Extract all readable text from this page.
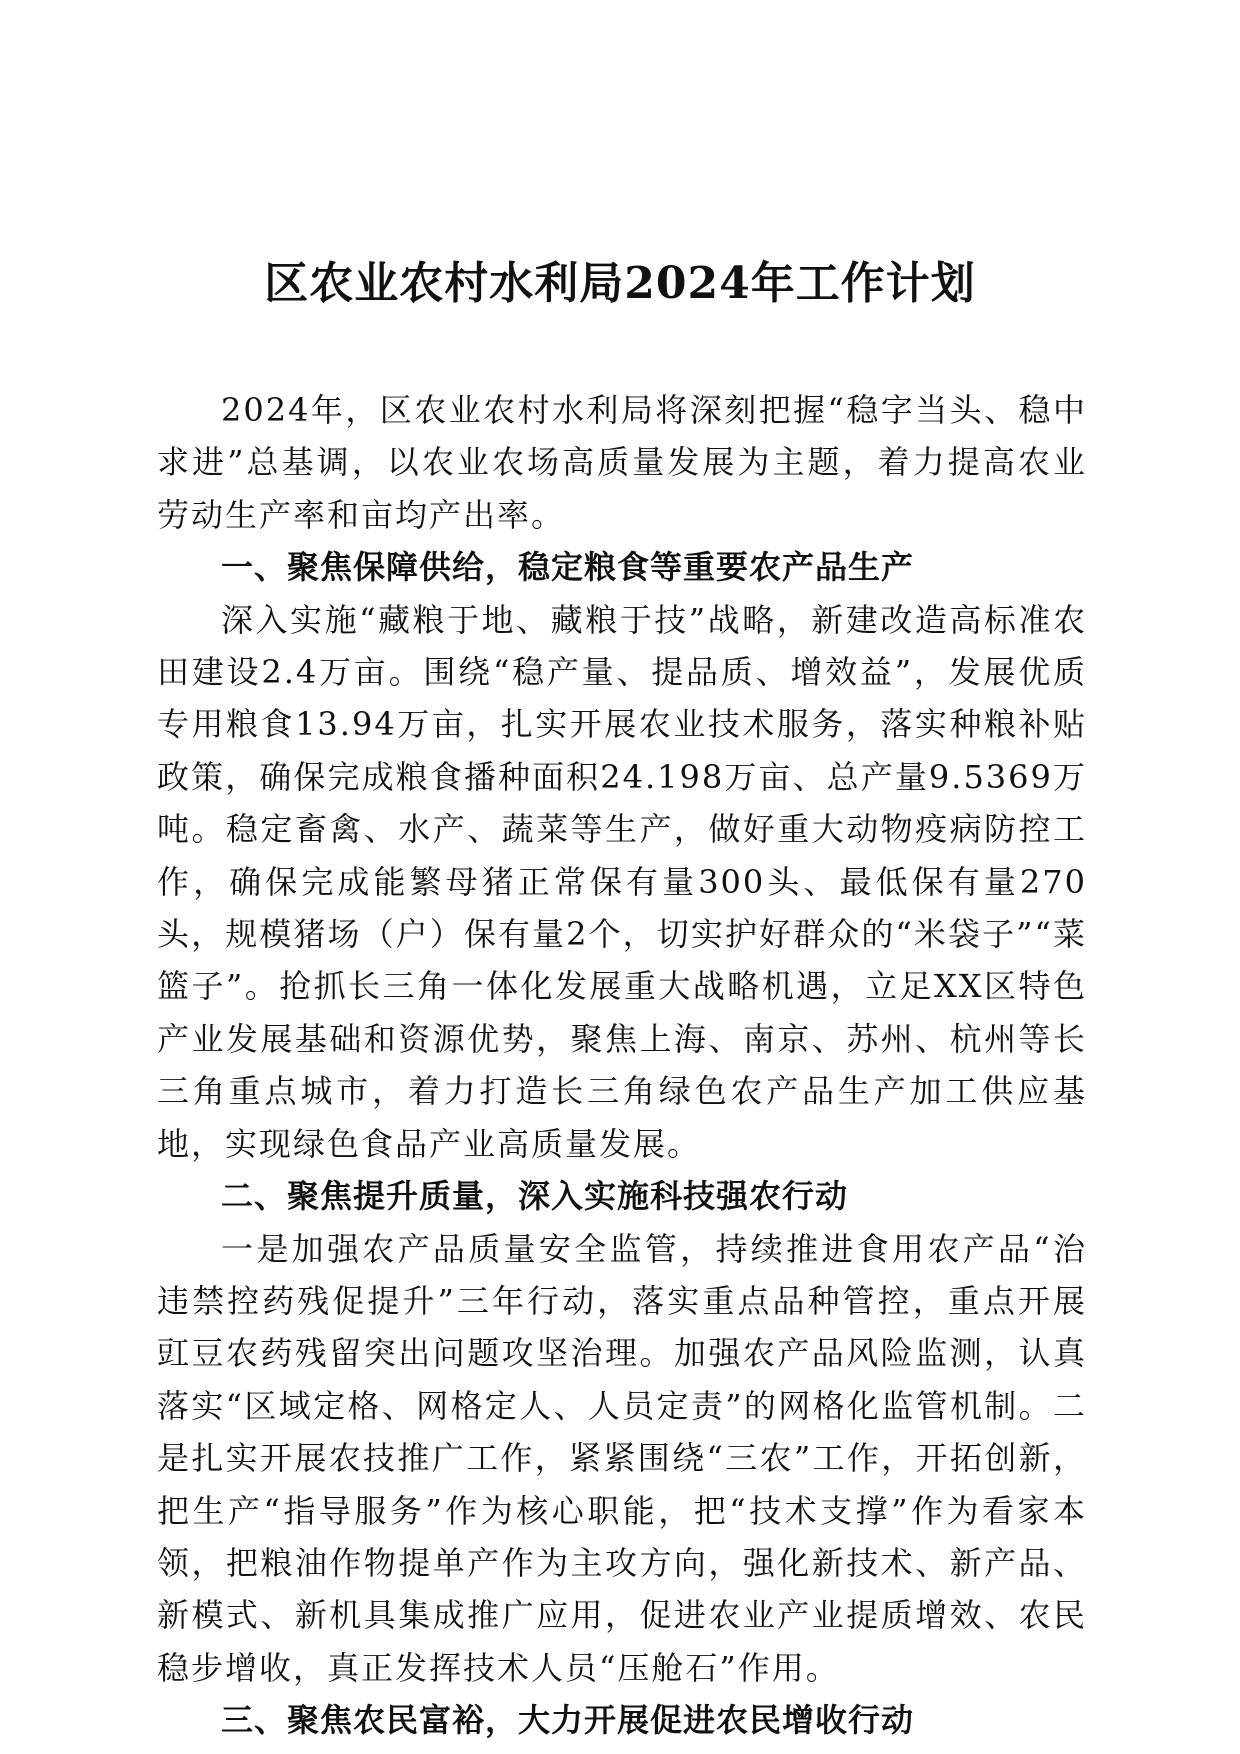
区农业农村水利局2024年工作计划

2024年，区农业农村水利局将深刻把握“稳字当头、稳中求进”总基调，以农业农场高质量发展为主题，着力提高农业劳动生产率和亩均产出率。

一、聚焦保障供给，稳定粮食等重要农产品生产

深入实施“藏粮于地、藏粮于技”战略，新建改造高标准农田建设2.4万亩。围绕“稳产量、提品质、增效益”，发展优质专用粮食13.94万亩，扎实开展农业技术服务，落实种粮补贴政策，确保完成粮食播种面积24.198万亩、总产量9.5369万吨。稳定畜禽、水产、蔬菜等生产，做好重大动物疫病防控工作，确保完成能繁母猪正常保有量300头、最低保有量270头，规模猪场（户）保有量2个，切实护好群众的“米袋子”“菜篮子”。抢抓长三角一体化发展重大战略机遇，立足XX区特色产业发展基础和资源优势，聚焦上海、南京、苏州、杭州等长三角重点城市，着力打造长三角绿色农产品生产加工供应基地，实现绿色食品产业高质量发展。

二、聚焦提升质量，深入实施科技强农行动

一是加强农产品质量安全监管，持续推进食用农产品“治违禁控药残促提升”三年行动，落实重点品种管控，重点开展豇豆农药残留突出问题攻坚治理。加强农产品风险监测，认真落实“区域定格、网格定人、人员定责”的网格化监管机制。二是扎实开展农技推广工作，紧紧围绕“三农”工作，开拓创新，把生产“指导服务”作为核心职能，把“技术支撑”作为看家本领，把粮油作物提单产作为主攻方向，强化新技术、新产品、新模式、新机具集成推广应用，促进农业产业提质增效、农民稳步增收，真正发挥技术人员“压舱石”作用。

三、聚焦农民富裕，大力开展促进农民增收行动
